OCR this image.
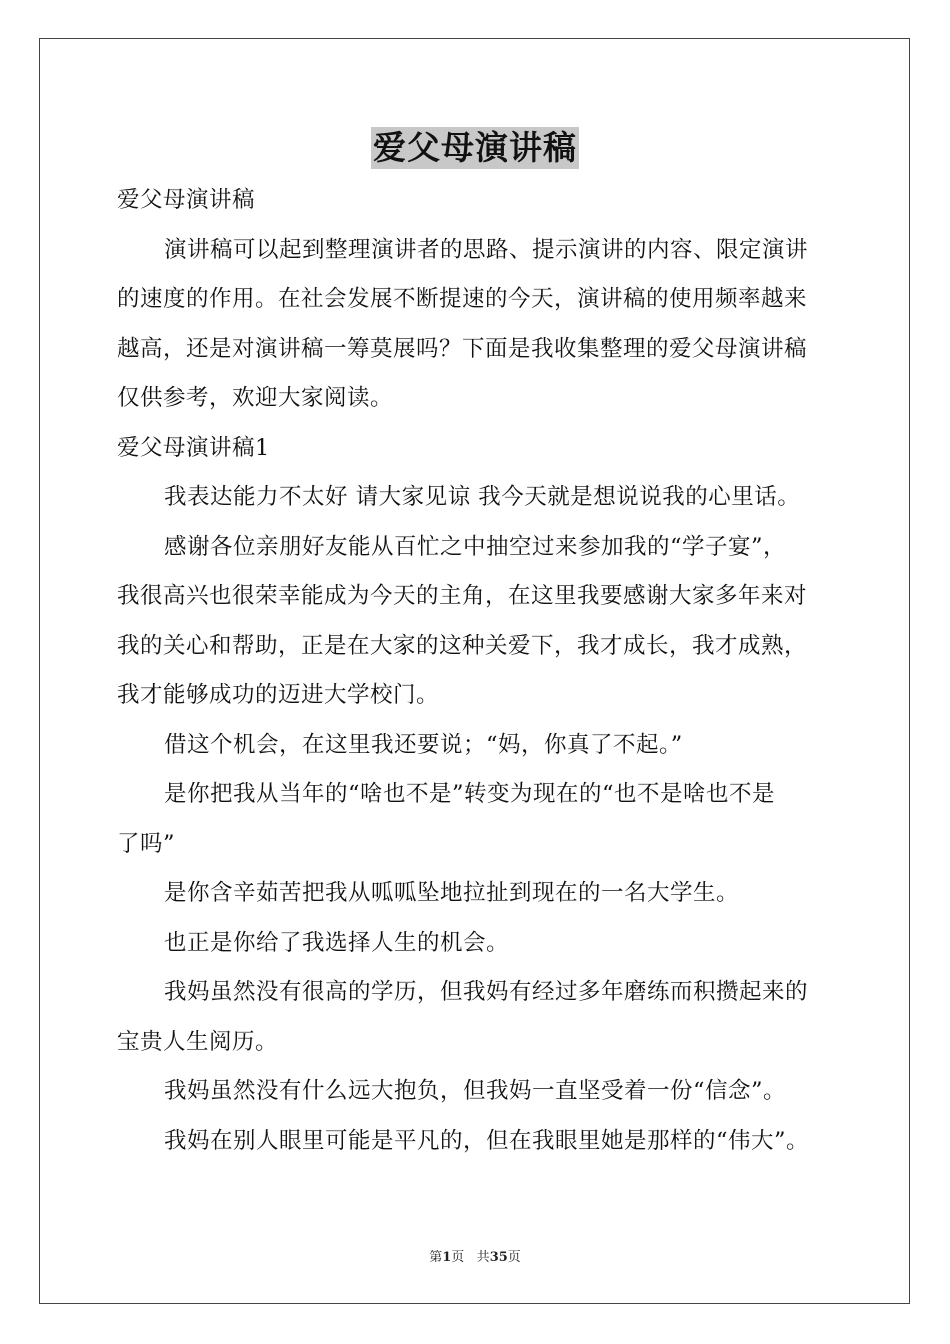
爱父母演讲稿
爱父母演讲稿
演讲稿可以起到整理演讲者的思路、提示演讲的内容、限定演讲
的速度的作用。在社会发展不断提速的今天，演讲稿的使用频率越来
越高，还是对演讲稿一筹莫展吗？下面是我收集整理的爱父母演讲稿
仅供参考，欢迎大家阅读。
爱父母演讲稿1
我表达能力不太好 请大家见谅 我今天就是想说说我的心里话。
感谢各位亲朋好友能从百忙之中抽空过来参加我的“学子宴”，
我很高兴也很荣幸能成为今天的主角，在这里我要感谢大家多年来对
我的关心和帮助，正是在大家的这种关爱下，我才成长，我才成熟，
我才能够成功的迈进大学校门。
借这个机会，在这里我还要说；“妈，你真了不起。”
是你把我从当年的“啥也不是”转变为现在的“也不是啥也不是
了吗”
是你含辛茹苦把我从呱呱坠地拉扯到现在的一名大学生。
也正是你给了我选择人生的机会。
我妈虽然没有很高的学历，但我妈有经过多年磨练而积攒起来的
宝贵人生阅历。
我妈虽然没有什么远大抱负，但我妈一直坚受着一份“信念”。
我妈在别人眼里可能是平凡的，但在我眼里她是那样的“伟大”。
第1页 共35页
